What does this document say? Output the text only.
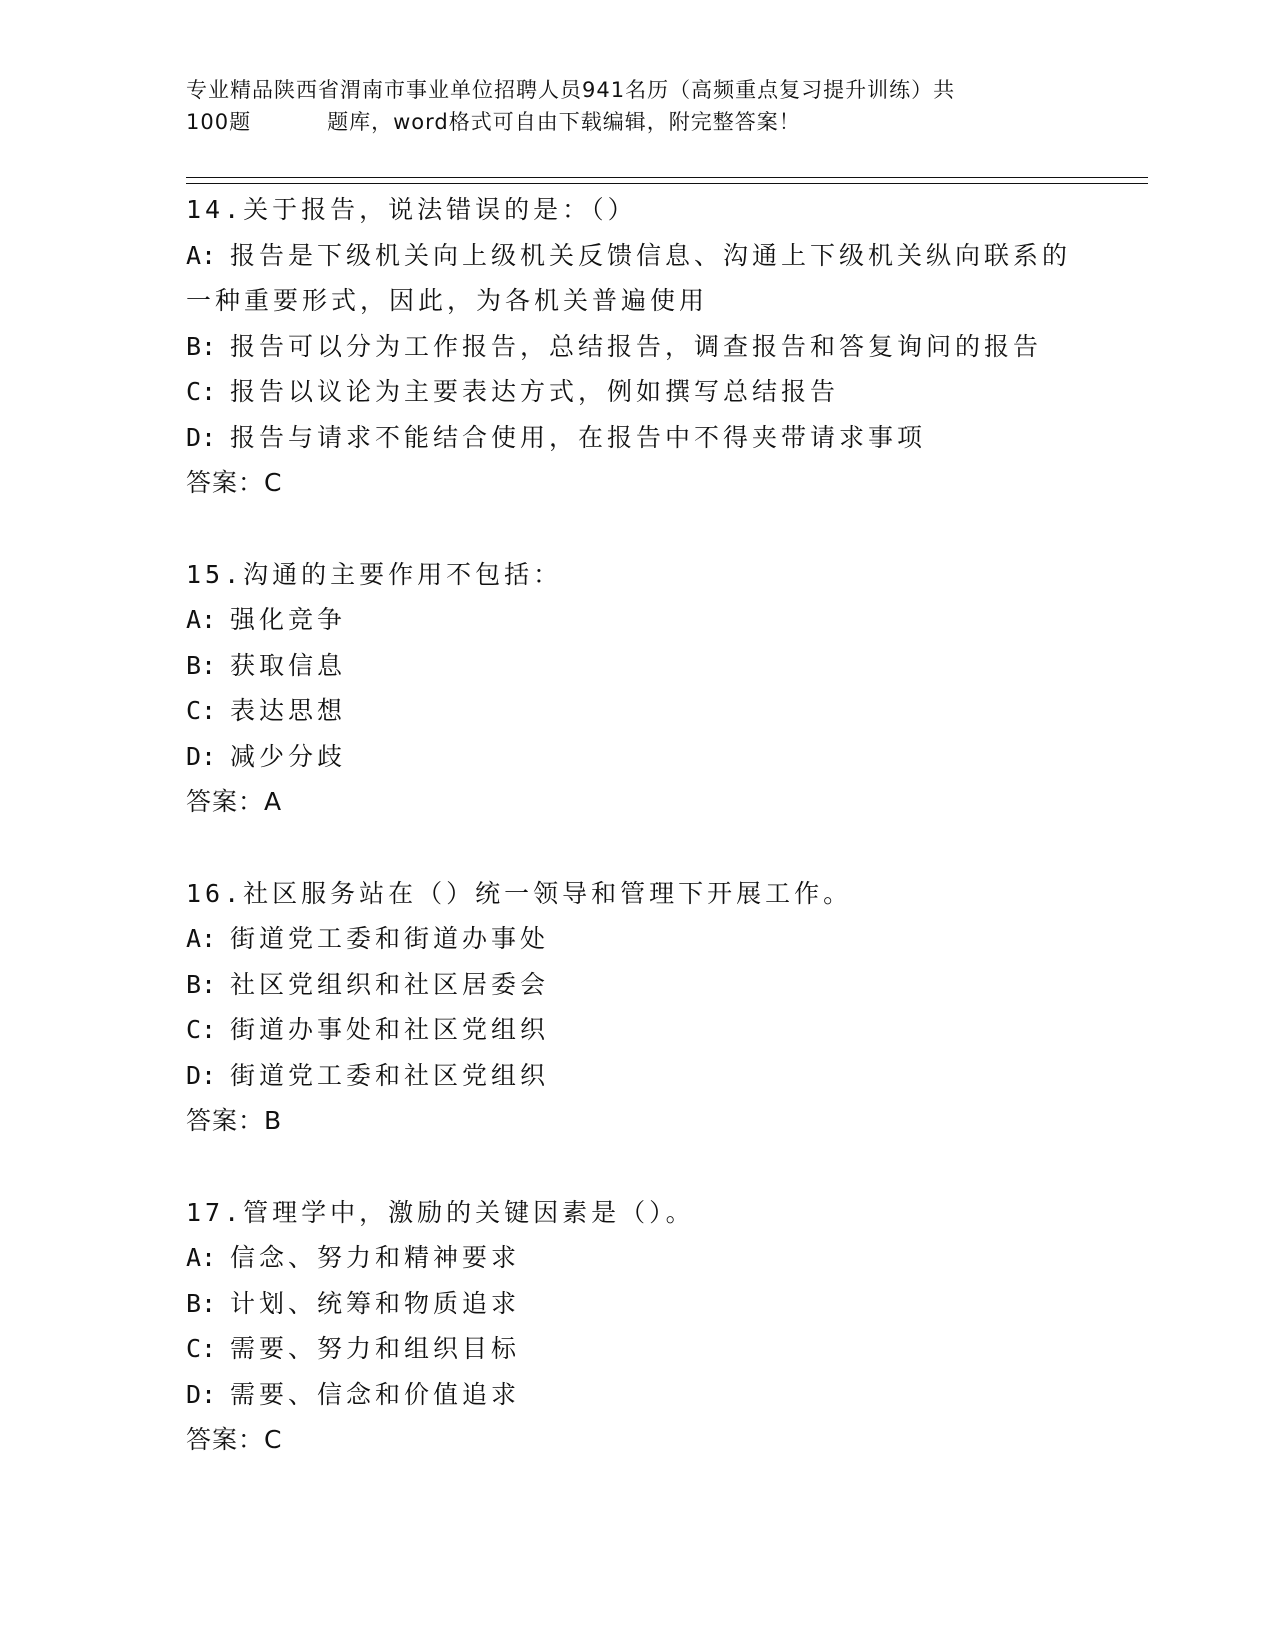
专业精品陕西省渭南市事业单位招聘人员941名历（高频重点复习提升训练）共
100题	题库，word格式可自由下载编辑，附完整答案！
14.关于报告，说法错误的是：（）
A: 报告是下级机关向上级机关反馈信息、沟通上下级机关纵向联系的
一种重要形式，因此，为各机关普遍使用
B: 报告可以分为工作报告，总结报告，调查报告和答复询问的报告
C: 报告以议论为主要表达方式，例如撰写总结报告
D: 报告与请求不能结合使用，在报告中不得夹带请求事项
答案：C
15.沟通的主要作用不包括：
A: 强化竞争
B: 获取信息
C: 表达思想
D: 减少分歧
答案：A
16.社区服务站在（）统一领导和管理下开展工作。
A: 街道党工委和街道办事处
B: 社区党组织和社区居委会
C: 街道办事处和社区党组织
D: 街道党工委和社区党组织
答案：B
17.管理学中，激励的关键因素是（）。
A: 信念、努力和精神要求
B: 计划、统筹和物质追求
C: 需要、努力和组织目标
D: 需要、信念和价值追求
答案：C
